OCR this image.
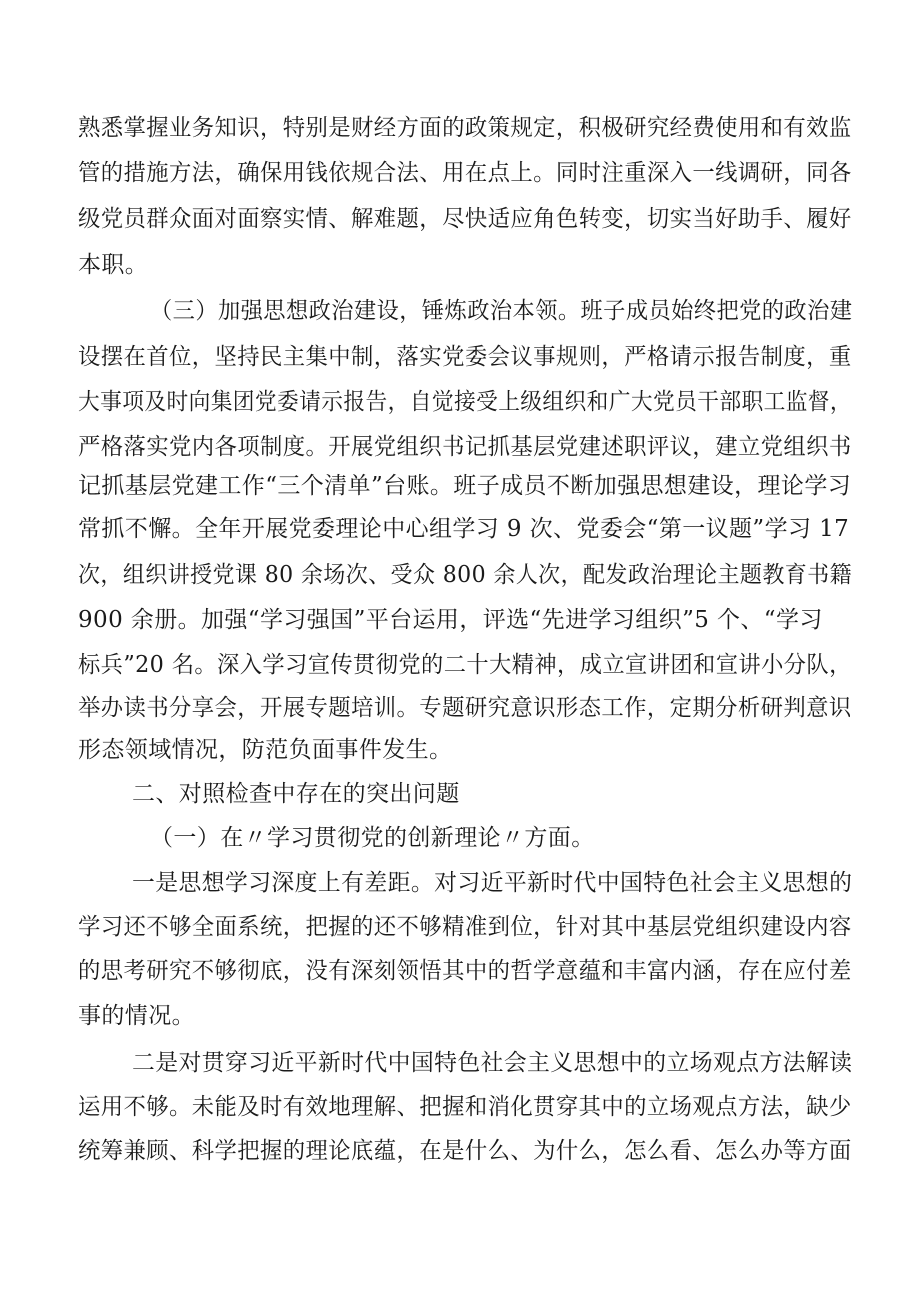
熟悉掌握业务知识，特别是财经方面的政策规定，积极研究经费使用和有效监
管的措施方法，确保用钱依规合法、用在点上。同时注重深入一线调研，同各
级党员群众面对面察实情、解难题，尽快适应角色转变，切实当好助手、履好
本职。
（三）加强思想政治建设，锤炼政治本领。班子成员始终把党的政治建
设摆在首位，坚持民主集中制，落实党委会议事规则，严格请示报告制度，重
大事项及时向集团党委请示报告，自觉接受上级组织和广大党员干部职工监督，
严格落实党内各项制度。开展党组织书记抓基层党建述职评议，建立党组织书
记抓基层党建工作“三个清单”台账。班子成员不断加强思想建设，理论学习
常抓不懈。全年开展党委理论中心组学习 9 次、党委会“第一议题”学习 17
次，组织讲授党课 80 余场次、受众 800 余人次，配发政治理论主题教育书籍
900 余册。加强“学习强国”平台运用，评选“先进学习组织”5 个、“学习
标兵”20 名。深入学习宣传贯彻党的二十大精神，成立宣讲团和宣讲小分队，
举办读书分享会，开展专题培训。专题研究意识形态工作，定期分析研判意识
形态领域情况，防范负面事件发生。
二、对照检查中存在的突出问题
（一）在〃学习贯彻党的创新理论〃方面。
一是思想学习深度上有差距。对习近平新时代中国特色社会主义思想的
学习还不够全面系统，把握的还不够精准到位，针对其中基层党组织建设内容
的思考研究不够彻底，没有深刻领悟其中的哲学意蕴和丰富内涵，存在应付差
事的情况。
二是对贯穿习近平新时代中国特色社会主义思想中的立场观点方法解读
运用不够。未能及时有效地理解、把握和消化贯穿其中的立场观点方法，缺少
统筹兼顾、科学把握的理论底蕴，在是什么、为什么，怎么看、怎么办等方面
